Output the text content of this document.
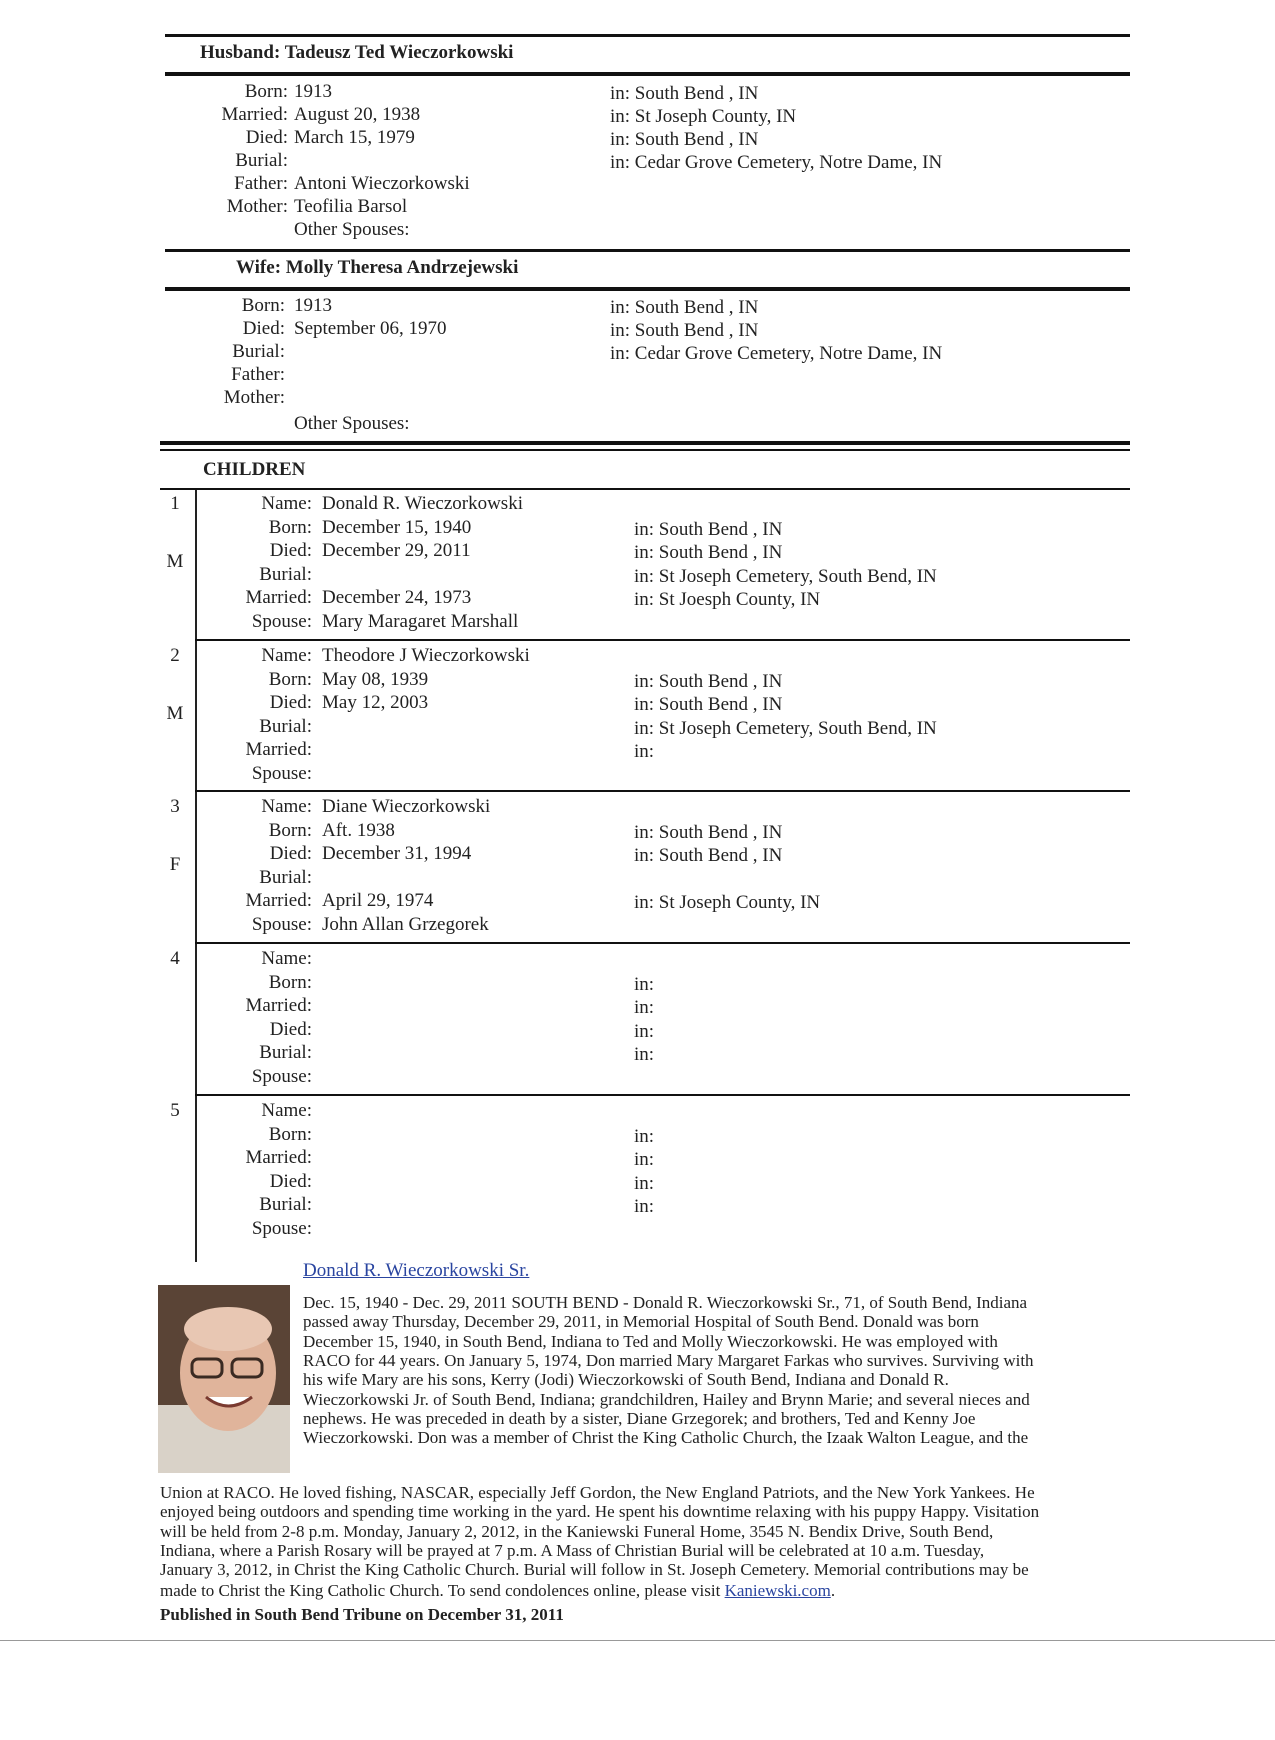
Husband: Tadeusz Ted Wieczorkowski
Born: 1913	in: South Bend , IN
Married: August 20, 1938	in: St Joseph County, IN
Died: March 15, 1979	in: South Bend , IN
Burial:	in: Cedar Grove Cemetery, Notre Dame, IN
Father: Antoni Wieczorkowski
Mother: Teofilia Barsol
Other Spouses:
Wife: Molly Theresa Andrzejewski
Born: 1913	in: South Bend , IN
Died: September 06, 1970	in: South Bend , IN
Burial:	in: Cedar Grove Cemetery, Notre Dame, IN
Father:
Mother:
Other Spouses:
CHILDREN
1
M
Name: Donald R. Wieczorkowski
Born: December 15, 1940	in: South Bend , IN
Died: December 29, 2011	in: South Bend , IN
Burial:	in: St Joseph Cemetery, South Bend, IN
Married: December 24, 1973	in: St Joesph County, IN
Spouse: Mary Maragaret Marshall
2
M
Name: Theodore J Wieczorkowski
Born: May 08, 1939	in: South Bend , IN
Died: May 12, 2003	in: South Bend , IN
Burial:	in: St Joseph Cemetery, South Bend, IN
Married:	in:
Spouse:
3
F
Name: Diane Wieczorkowski
Born: Aft. 1938	in: South Bend , IN
Died: December 31, 1994	in: South Bend , IN
Burial:
Married: April 29, 1974	in: St Joseph County, IN
Spouse: John Allan Grzegorek
4	Name:
Born:	in:
Married:	in:
Died:	in:
Burial:	in:
Spouse:
5	Name:
Born:	in:
Married:	in:
Died:	in:
Burial:	in:
Spouse:
Donald R. Wieczorkowski Sr.
Dec. 15, 1940 - Dec. 29, 2011 SOUTH BEND - Donald R. Wieczorkowski Sr., 71, of South Bend, Indiana
passed away Thursday, December 29, 2011, in Memorial Hospital of South Bend. Donald was born
December 15, 1940, in South Bend, Indiana to Ted and Molly Wieczorkowski. He was employed with
RACO for 44 years. On January 5, 1974, Don married Mary Margaret Farkas who survives. Surviving with
his wife Mary are his sons, Kerry (Jodi) Wieczorkowski of South Bend, Indiana and Donald R.
Wieczorkowski Jr. of South Bend, Indiana; grandchildren, Hailey and Brynn Marie; and several nieces and
nephews. He was preceded in death by a sister, Diane Grzegorek; and brothers, Ted and Kenny Joe
Wieczorkowski. Don was a member of Christ the King Catholic Church, the Izaak Walton League, and the
Union at RACO. He loved fishing, NASCAR, especially Jeff Gordon, the New England Patriots, and the New York Yankees. He
enjoyed being outdoors and spending time working in the yard. He spent his downtime relaxing with his puppy Happy. Visitation
will be held from 2-8 p.m. Monday, January 2, 2012, in the Kaniewski Funeral Home, 3545 N. Bendix Drive, South Bend,
Indiana, where a Parish Rosary will be prayed at 7 p.m. A Mass of Christian Burial will be celebrated at 10 a.m. Tuesday,
January 3, 2012, in Christ the King Catholic Church. Burial will follow in St. Joseph Cemetery. Memorial contributions may be
made to Christ the King Catholic Church. To send condolences online, please visit Kaniewski.com.
Published in South Bend Tribune on December 31, 2011
